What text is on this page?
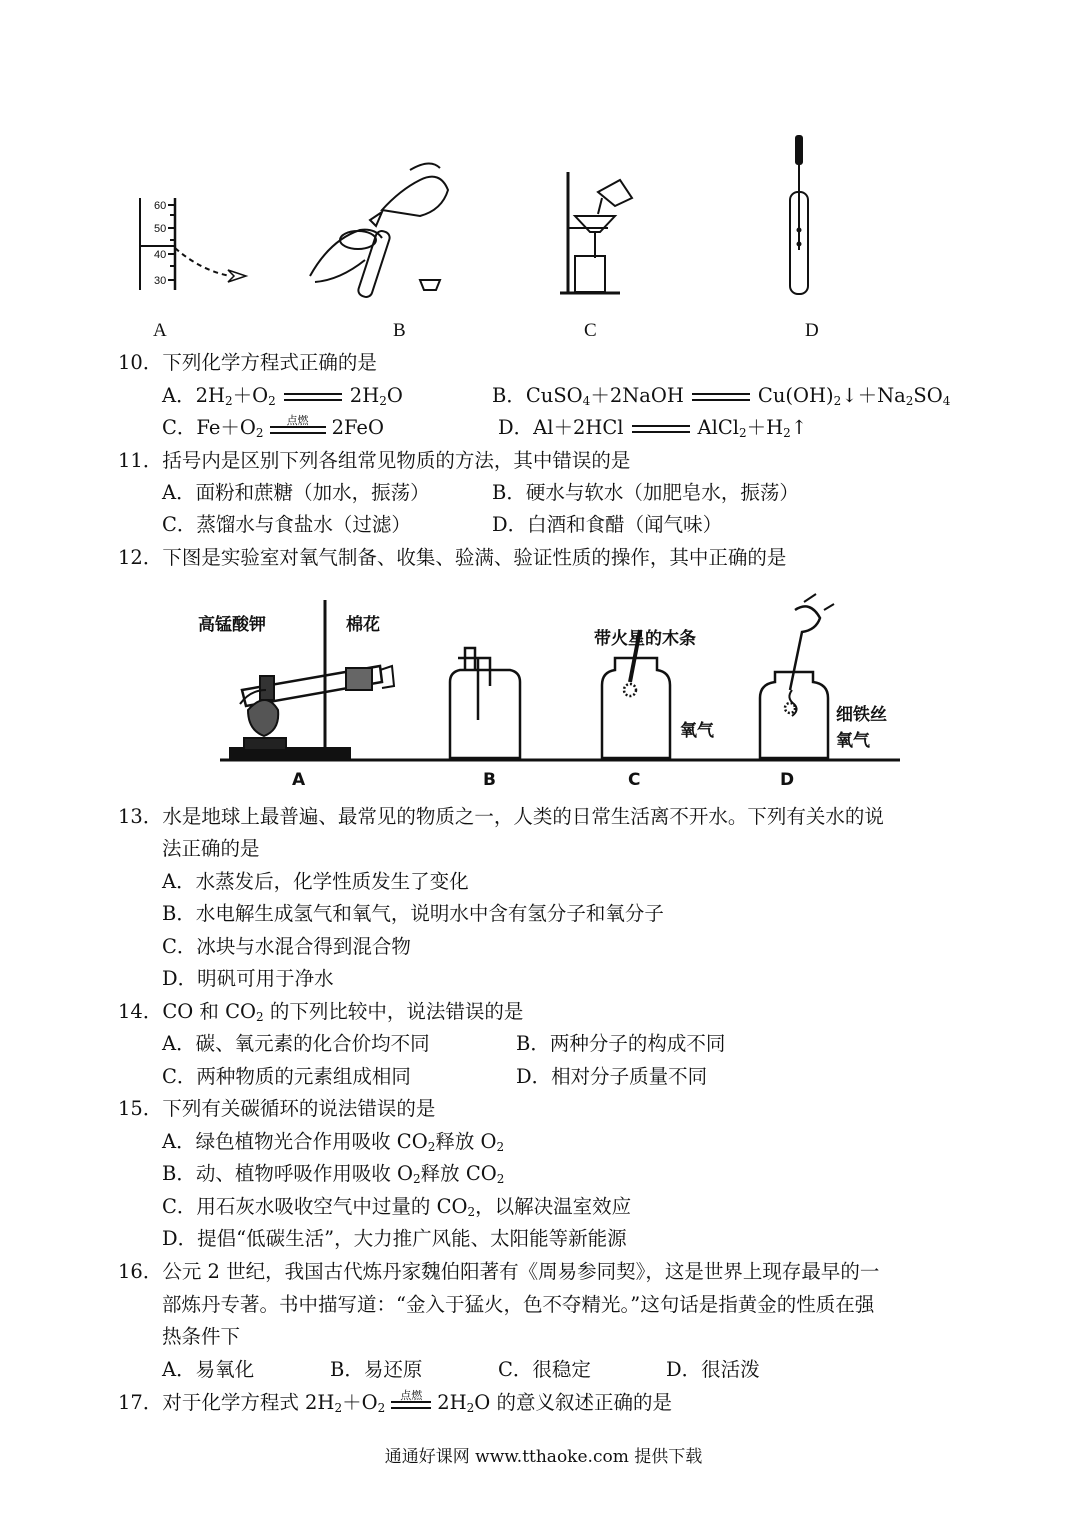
60
50
40
30
A	B	C	D
10．下列化学方程式正确的是
A．$2H_2+O_2$	$2H_2O$	B．CuSO$_4$＋2NaOH	$Cu(OH)_2↓+Na_2SO_4$
C．$Fe+O_2$
点燃	2FeO	D．Al＋2HCl	$AlCl_2+H_2↑$
11．括号内是区别下列各组常见物质的方法，其中错误的是
A．面粉和蔗糖（加水，振荡）	B．硬水与软水（加肥皂水，振荡）
C．蒸馏水与食盐水（过滤）	D．白酒和食醋（闻气味）
12．下图是实验室对氧气制备、收集、验满、验证性质的操作，其中正确的是
高锰酸钾	棉花
带火星的木条
氧气
细铁丝
氧气
A	B	C	D
13．水是地球上最普遍、最常见的物质之一，人类的日常生活离不开水。下列有关水的说
法正确的是
A．水蒸发后，化学性质发生了变化
B．水电解生成氢气和氧气，说明水中含有氢分子和氧分子
C．冰块与水混合得到混合物
D．明矾可用于净水
14．CO 和 $CO_2$ 的下列比较中，说法错误的是
A．碳、氧元素的化合价均不同	B．两种分子的构成不同
C．两种物质的元素组成相同	D．相对分子质量不同
15．下列有关碳循环的说法错误的是
A．绿色植物光合作用吸收 $CO_2$释放 $O_2$
B．动、植物呼吸作用吸收 $O_2$释放 $CO_2$
C．用石灰水吸收空气中过量的 $CO_2$，以解决温室效应
D．提倡“低碳生活”，大力推广风能、太阳能等新能源
16．公元 2 世纪，我国古代炼丹家魏伯阳著有《周易参同契》，这是世界上现存最早的一
部炼丹专著。书中描写道：“金入于猛火，色不夺精光。”这句话是指黄金的性质在强
热条件下
A．易氧化	B．易还原	C．很稳定	D．很活泼
17．对于化学方程式 $2H_2+O_2$
点燃 $2H_2O$ 的意义叙述正确的是
通通好课网 www.tthaoke.com 提供下载
